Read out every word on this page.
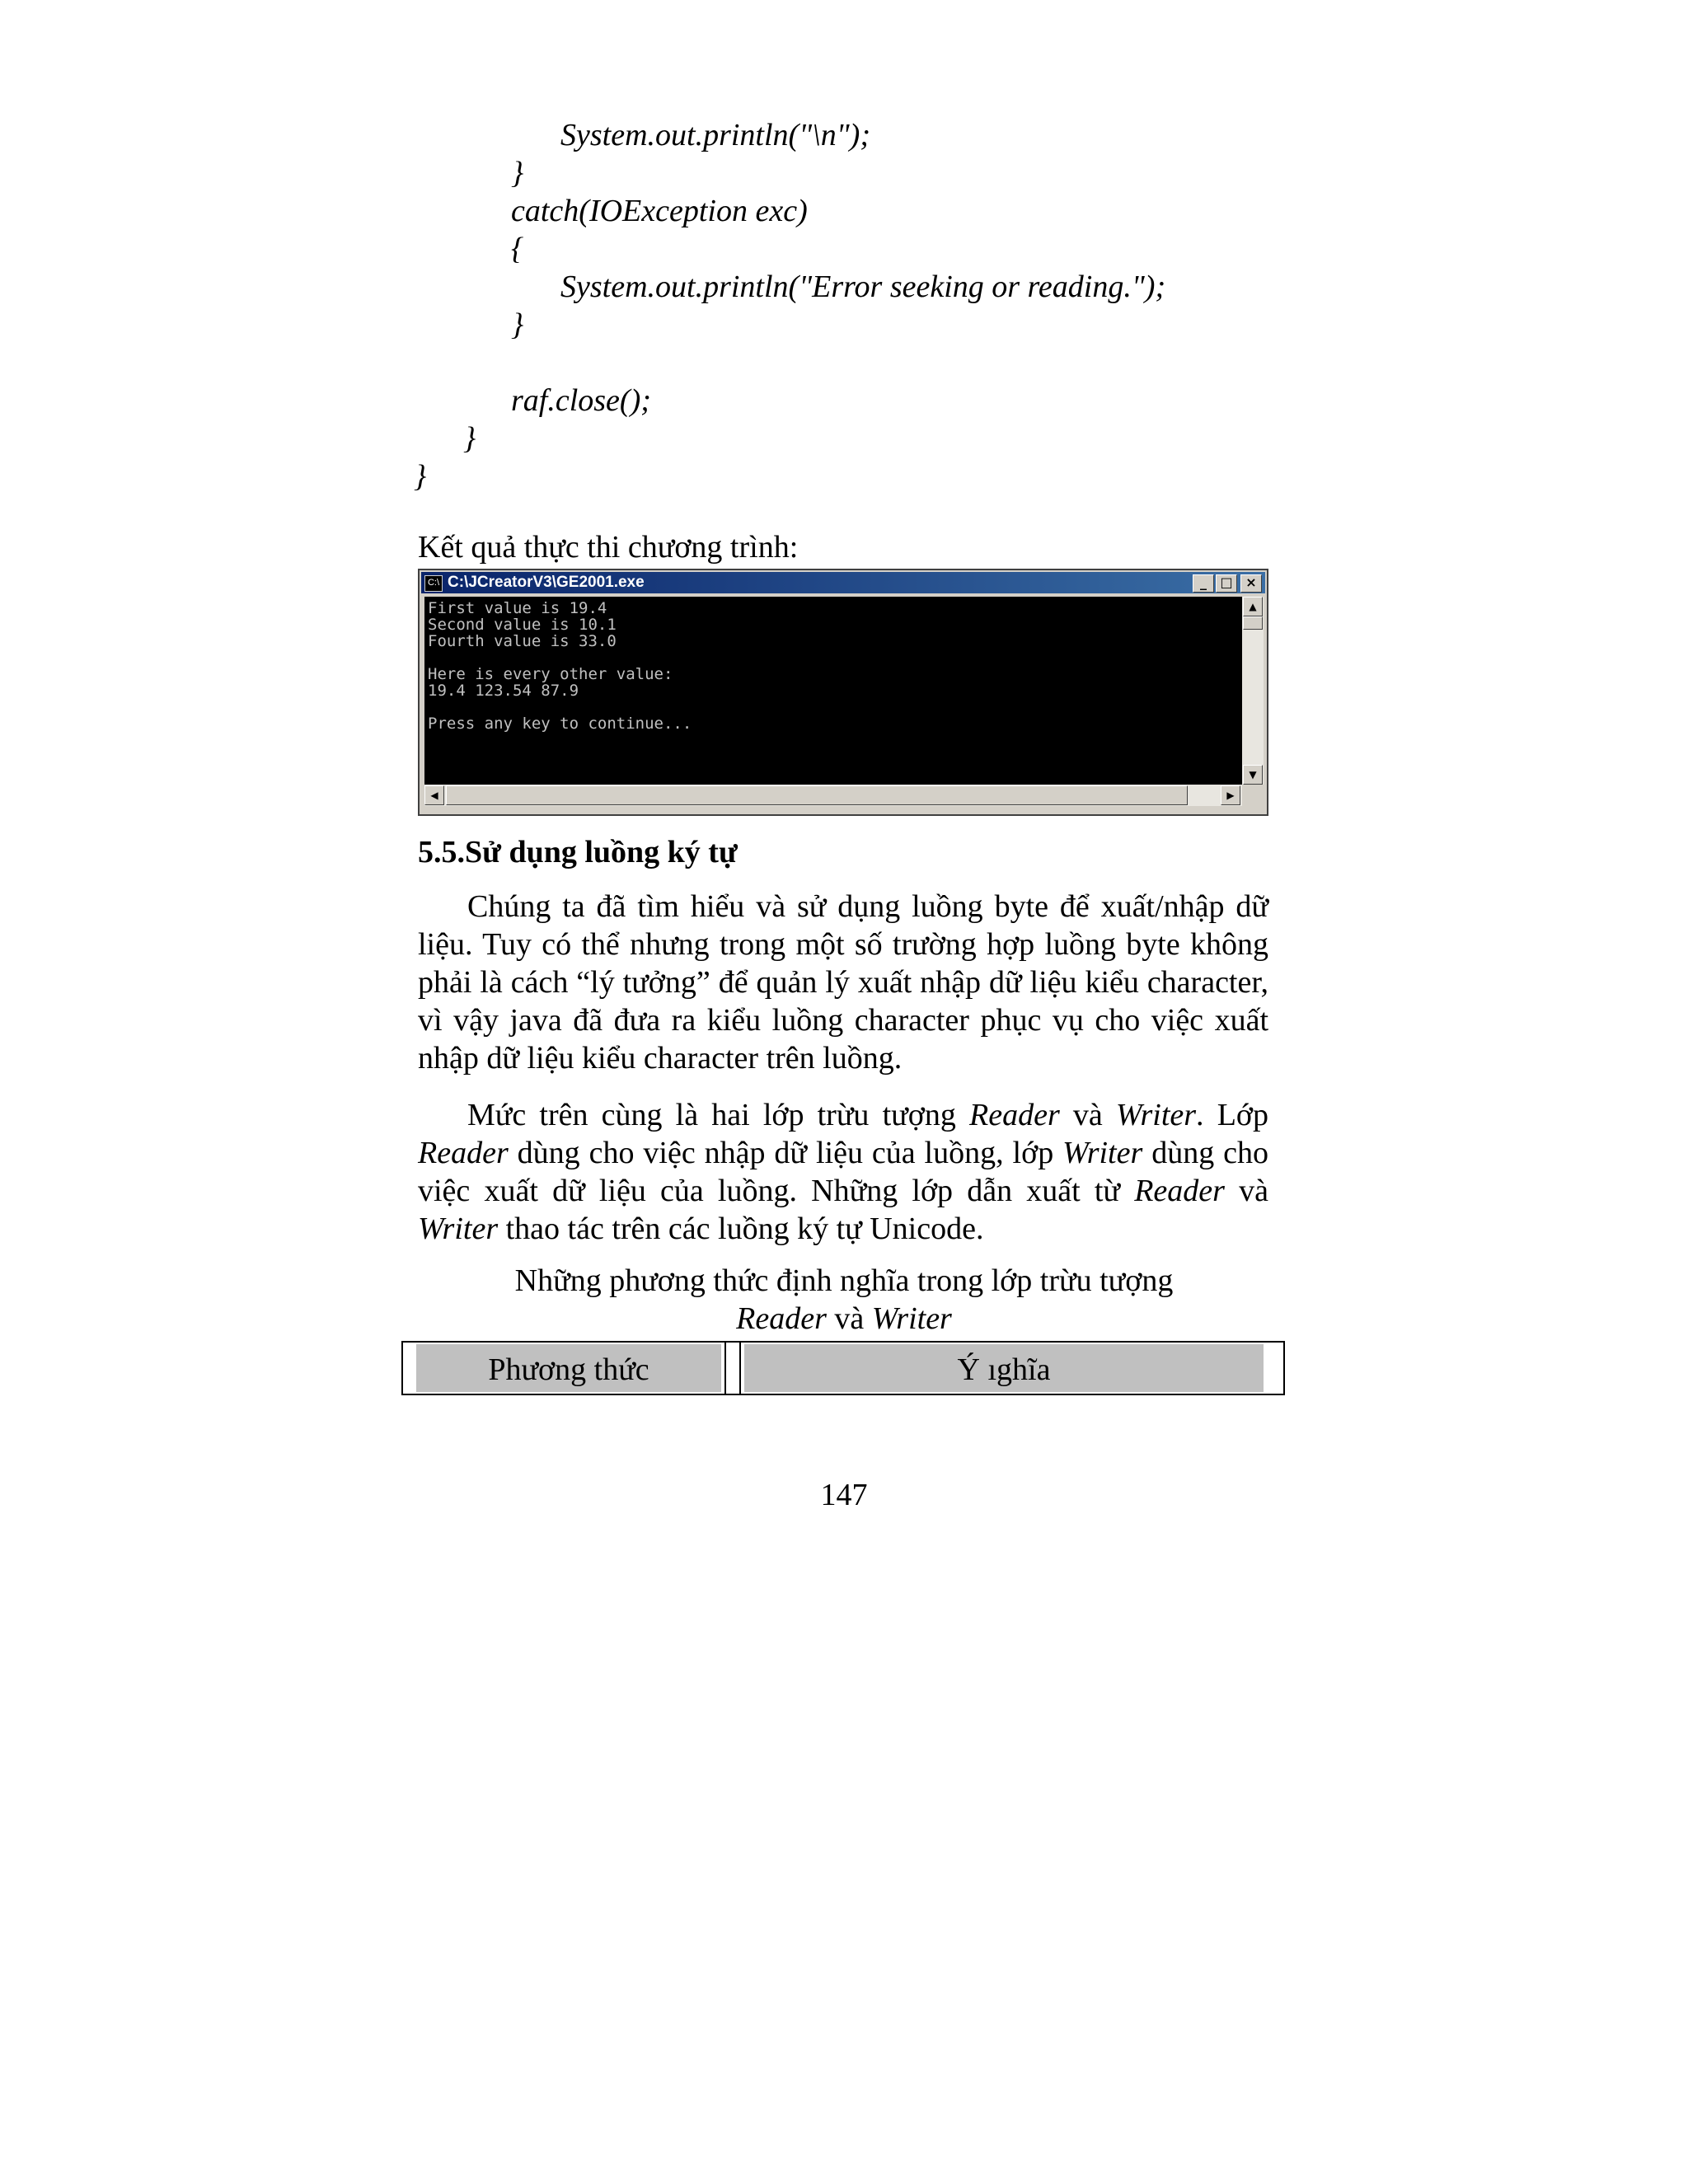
System.out.println("\n");
}
catch(IOException exc)
{
System.out.println("Error seeking or reading.");
}
raf.close();
}
}
Kết quả thực thi chương trình:
C:\ C:\JCreatorV3\GE2001.exe	_	□ ×
First value is 19.4
Second value is 10.1
Fourth value is 33.0
Here is every other value:
19.4 123.54 87.9
Press any key to continue...
▲
▼
◀	▶
5.5.Sử dụng luồng ký tự
Chúng ta đã tìm hiểu và sử dụng luồng byte để xuất/nhập dữ liệu. Tuy có thể nhưng trong một số trường hợp luồng byte không phải là cách “lý tưởng” để quản lý xuất nhập dữ liệu kiểu character, vì vậy java đã đưa ra kiểu luồng character phục vụ cho việc xuất nhập dữ liệu kiểu character trên luồng.
Mức trên cùng là hai lớp trừu tượng Reader và Writer. Lớp Reader dùng cho việc nhập dữ liệu của luồng, lớp Writer dùng cho việc xuất dữ liệu của luồng. Những lớp dẫn xuất từ Reader và Writer thao tác trên các luồng ký tự Unicode.
Những phương thức định nghĩa trong lớp trừu tượng
Reader và Writer
Phương thức	Ý ıghĩa
147
